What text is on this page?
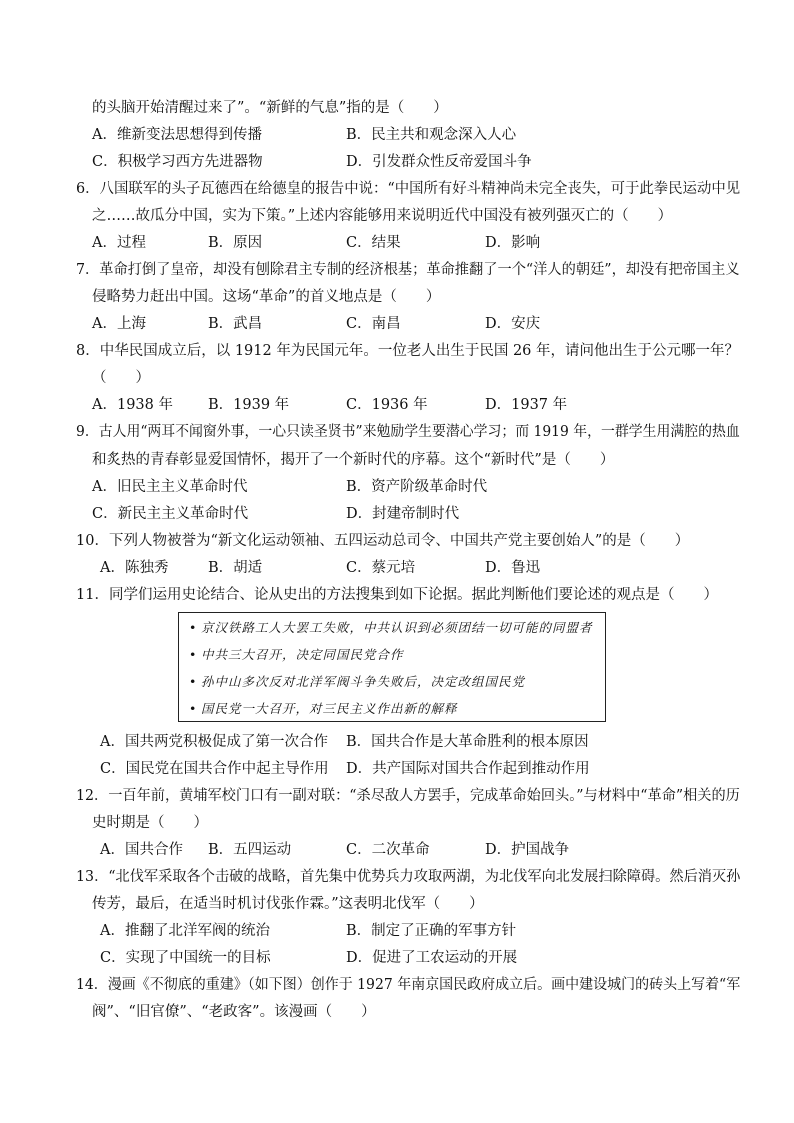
的头脑开始清醒过来了”。“新鲜的气息”指的是（　　）
A．维新变法思想得到传播	B．民主共和观念深入人心
C．积极学习西方先进器物	D．引发群众性反帝爱国斗争
6．八国联军的头子瓦德西在给德皇的报告中说：“中国所有好斗精神尚未完全丧失，可于此拳民运动中见
之……故瓜分中国，实为下策。”上述内容能够用来说明近代中国没有被列强灭亡的（　　）
A．过程	B．原因	C．结果	D．影响
7．革命打倒了皇帝，却没有刨除君主专制的经济根基；革命推翻了一个“洋人的朝廷”，却没有把帝国主义
侵略势力赶出中国。这场“革命”的首义地点是（　　）
A．上海	B．武昌	C．南昌	D．安庆
8．中华民国成立后，以 1912 年为民国元年。一位老人出生于民国 26 年，请问他出生于公元哪一年？
（　　）
A．1938 年 B．1939 年	C．1936 年	D．1937 年
9．古人用“两耳不闻窗外事，一心只读圣贤书”来勉励学生要潜心学习；而 1919 年，一群学生用满腔的热血
和炙热的青春彰显爱国情怀，揭开了一个新时代的序幕。这个“新时代”是（　　）
A．旧民主主义革命时代	B．资产阶级革命时代
C．新民主主义革命时代	D．封建帝制时代
10．下列人物被誉为“新文化运动领袖、五四运动总司令、中国共产党主要创始人”的是（　　）
A．陈独秀	B．胡适	C．蔡元培	D．鲁迅
11．同学们运用史论结合、论从史出的方法搜集到如下论据。据此判断他们要论述的观点是（　　）
• 京汉铁路工人大罢工失败，中共认识到必须团结一切可能的同盟者
• 中共三大召开，决定同国民党合作
• 孙中山多次反对北洋军阀斗争失败后，决定改组国民党
• 国民党一大召开，对三民主义作出新的解释
A．国共两党积极促成了第一次合作 B．国共合作是大革命胜利的根本原因
C．国民党在国共合作中起主导作用 D．共产国际对国共合作起到推动作用
12．一百年前，黄埔军校门口有一副对联：“杀尽敌人方罢手，完成革命始回头。”与材料中“革命”相关的历
史时期是（　　）
A．国共合作 B．五四运动	C．二次革命	D．护国战争
13．“北伐军采取各个击破的战略，首先集中优势兵力攻取两湖，为北伐军向北发展扫除障碍。然后消灭孙
传芳，最后，在适当时机讨伐张作霖。”这表明北伐军（　　）
A．推翻了北洋军阀的统治	B．制定了正确的军事方针
C．实现了中国统一的目标	D．促进了工农运动的开展
14．漫画《不彻底的重建》（如下图）创作于 1927 年南京国民政府成立后。画中建设城门的砖头上写着“军
阀”、“旧官僚”、“老政客”。该漫画（　　）
